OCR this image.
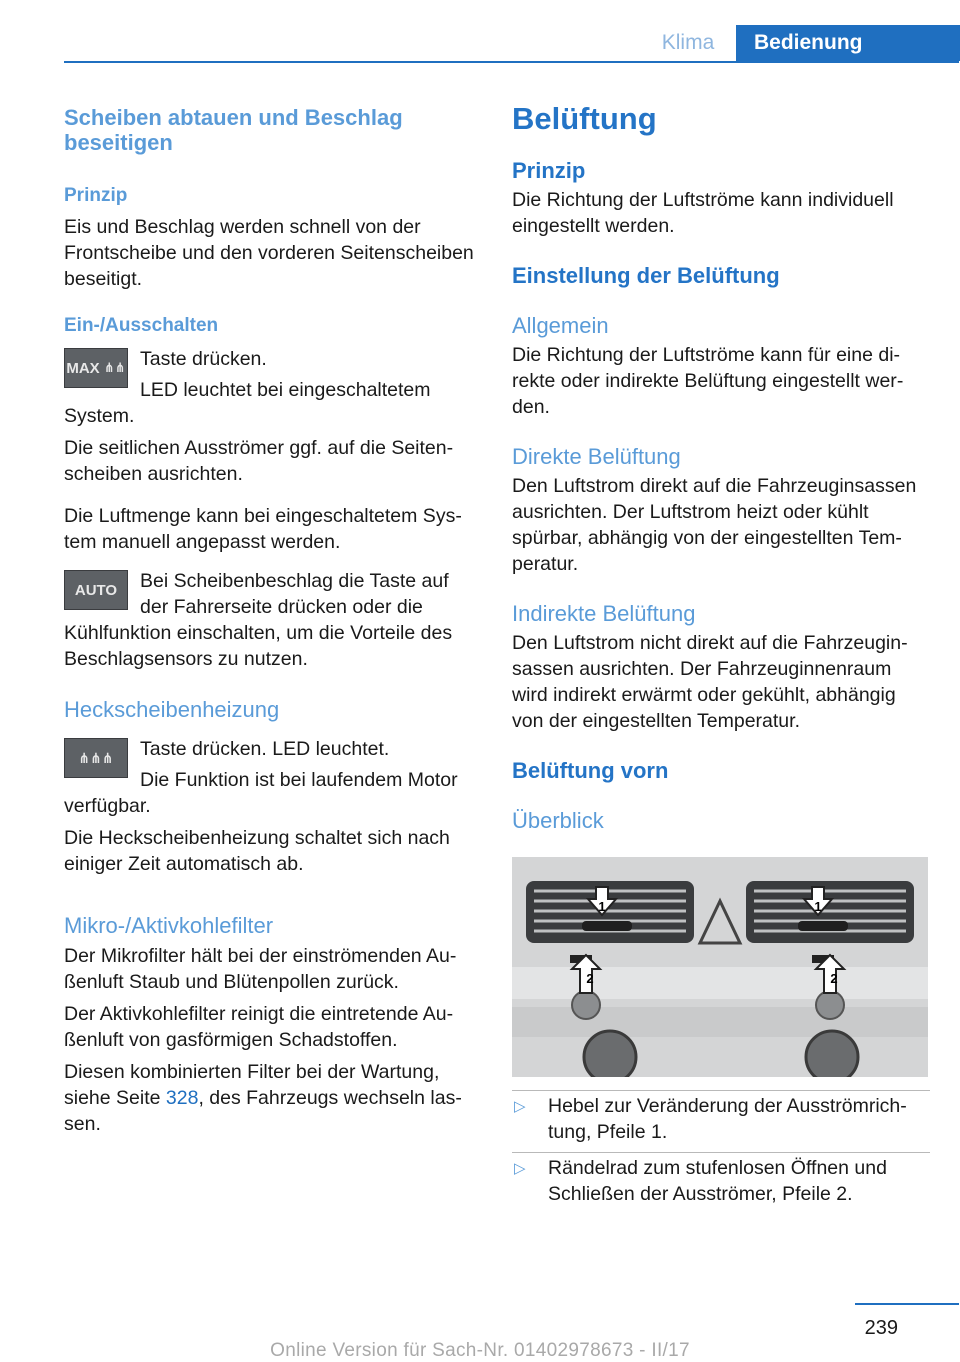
Klima	Bedienung
Scheiben abtauen und Beschlag beseitigen
Prinzip

Eis und Beschlag werden schnell von der Frontscheibe und den vorderen Seitenscheiben beseitigt.

Ein-/Ausschalten
MAX
⋔⋔ Taste drücken.

LED leuchtet bei eingeschaltetem System.

Die seitlichen Ausströmer ggf. auf die Seitenscheiben ausrichten.

Die Luftmenge kann bei eingeschaltetem System manuell angepasst werden.

AUTO	Bei Scheibenbeschlag die Taste auf der Fahrerseite drücken oder die Kühlfunktion einschalten, um die Vorteile des Beschlagsensors zu nutzen.

Heckscheibenheizung
⋔⋔⋔	Taste drücken. LED leuchtet.

Die Funktion ist bei laufendem Motor verfügbar.

Die Heckscheibenheizung schaltet sich nach einiger Zeit automatisch ab.

Mikro-/Aktivkohlefilter

Der Mikrofilter hält bei der einströmenden Außenluft Staub und Blütenpollen zurück.

Der Aktivkohlefilter reinigt die eintretende Außenluft von gasförmigen Schadstoffen.

Diesen kombinierten Filter bei der Wartung, siehe Seite 328, des Fahrzeugs wechseln lassen.

Belüftung
Prinzip

Die Richtung der Luftströme kann individuell eingestellt werden.

Einstellung der Belüftung
Allgemein

Die Richtung der Luftströme kann für eine direkte oder indirekte Belüftung eingestellt werden.

Direkte Belüftung

Den Luftstrom direkt auf die Fahrzeuginsassen ausrichten. Der Luftstrom heizt oder kühlt spürbar, abhängig von der eingestellten Temperatur.

Indirekte Belüftung

Den Luftstrom nicht direkt auf die Fahrzeuginsassen ausrichten. Der Fahrzeuginnenraum wird indirekt erwärmt oder gekühlt, abhängig von der eingestellten Temperatur.

Belüftung vorn
Überblick
1	1
2	2
▷	Hebel zur Veränderung der Ausströmrichtung, Pfeile 1.

▷	Rändelrad zum stufenlosen Öffnen und Schließen der Ausströmer, Pfeile 2.

239
Online Version für Sach-Nr. 01402978673 - II/17
